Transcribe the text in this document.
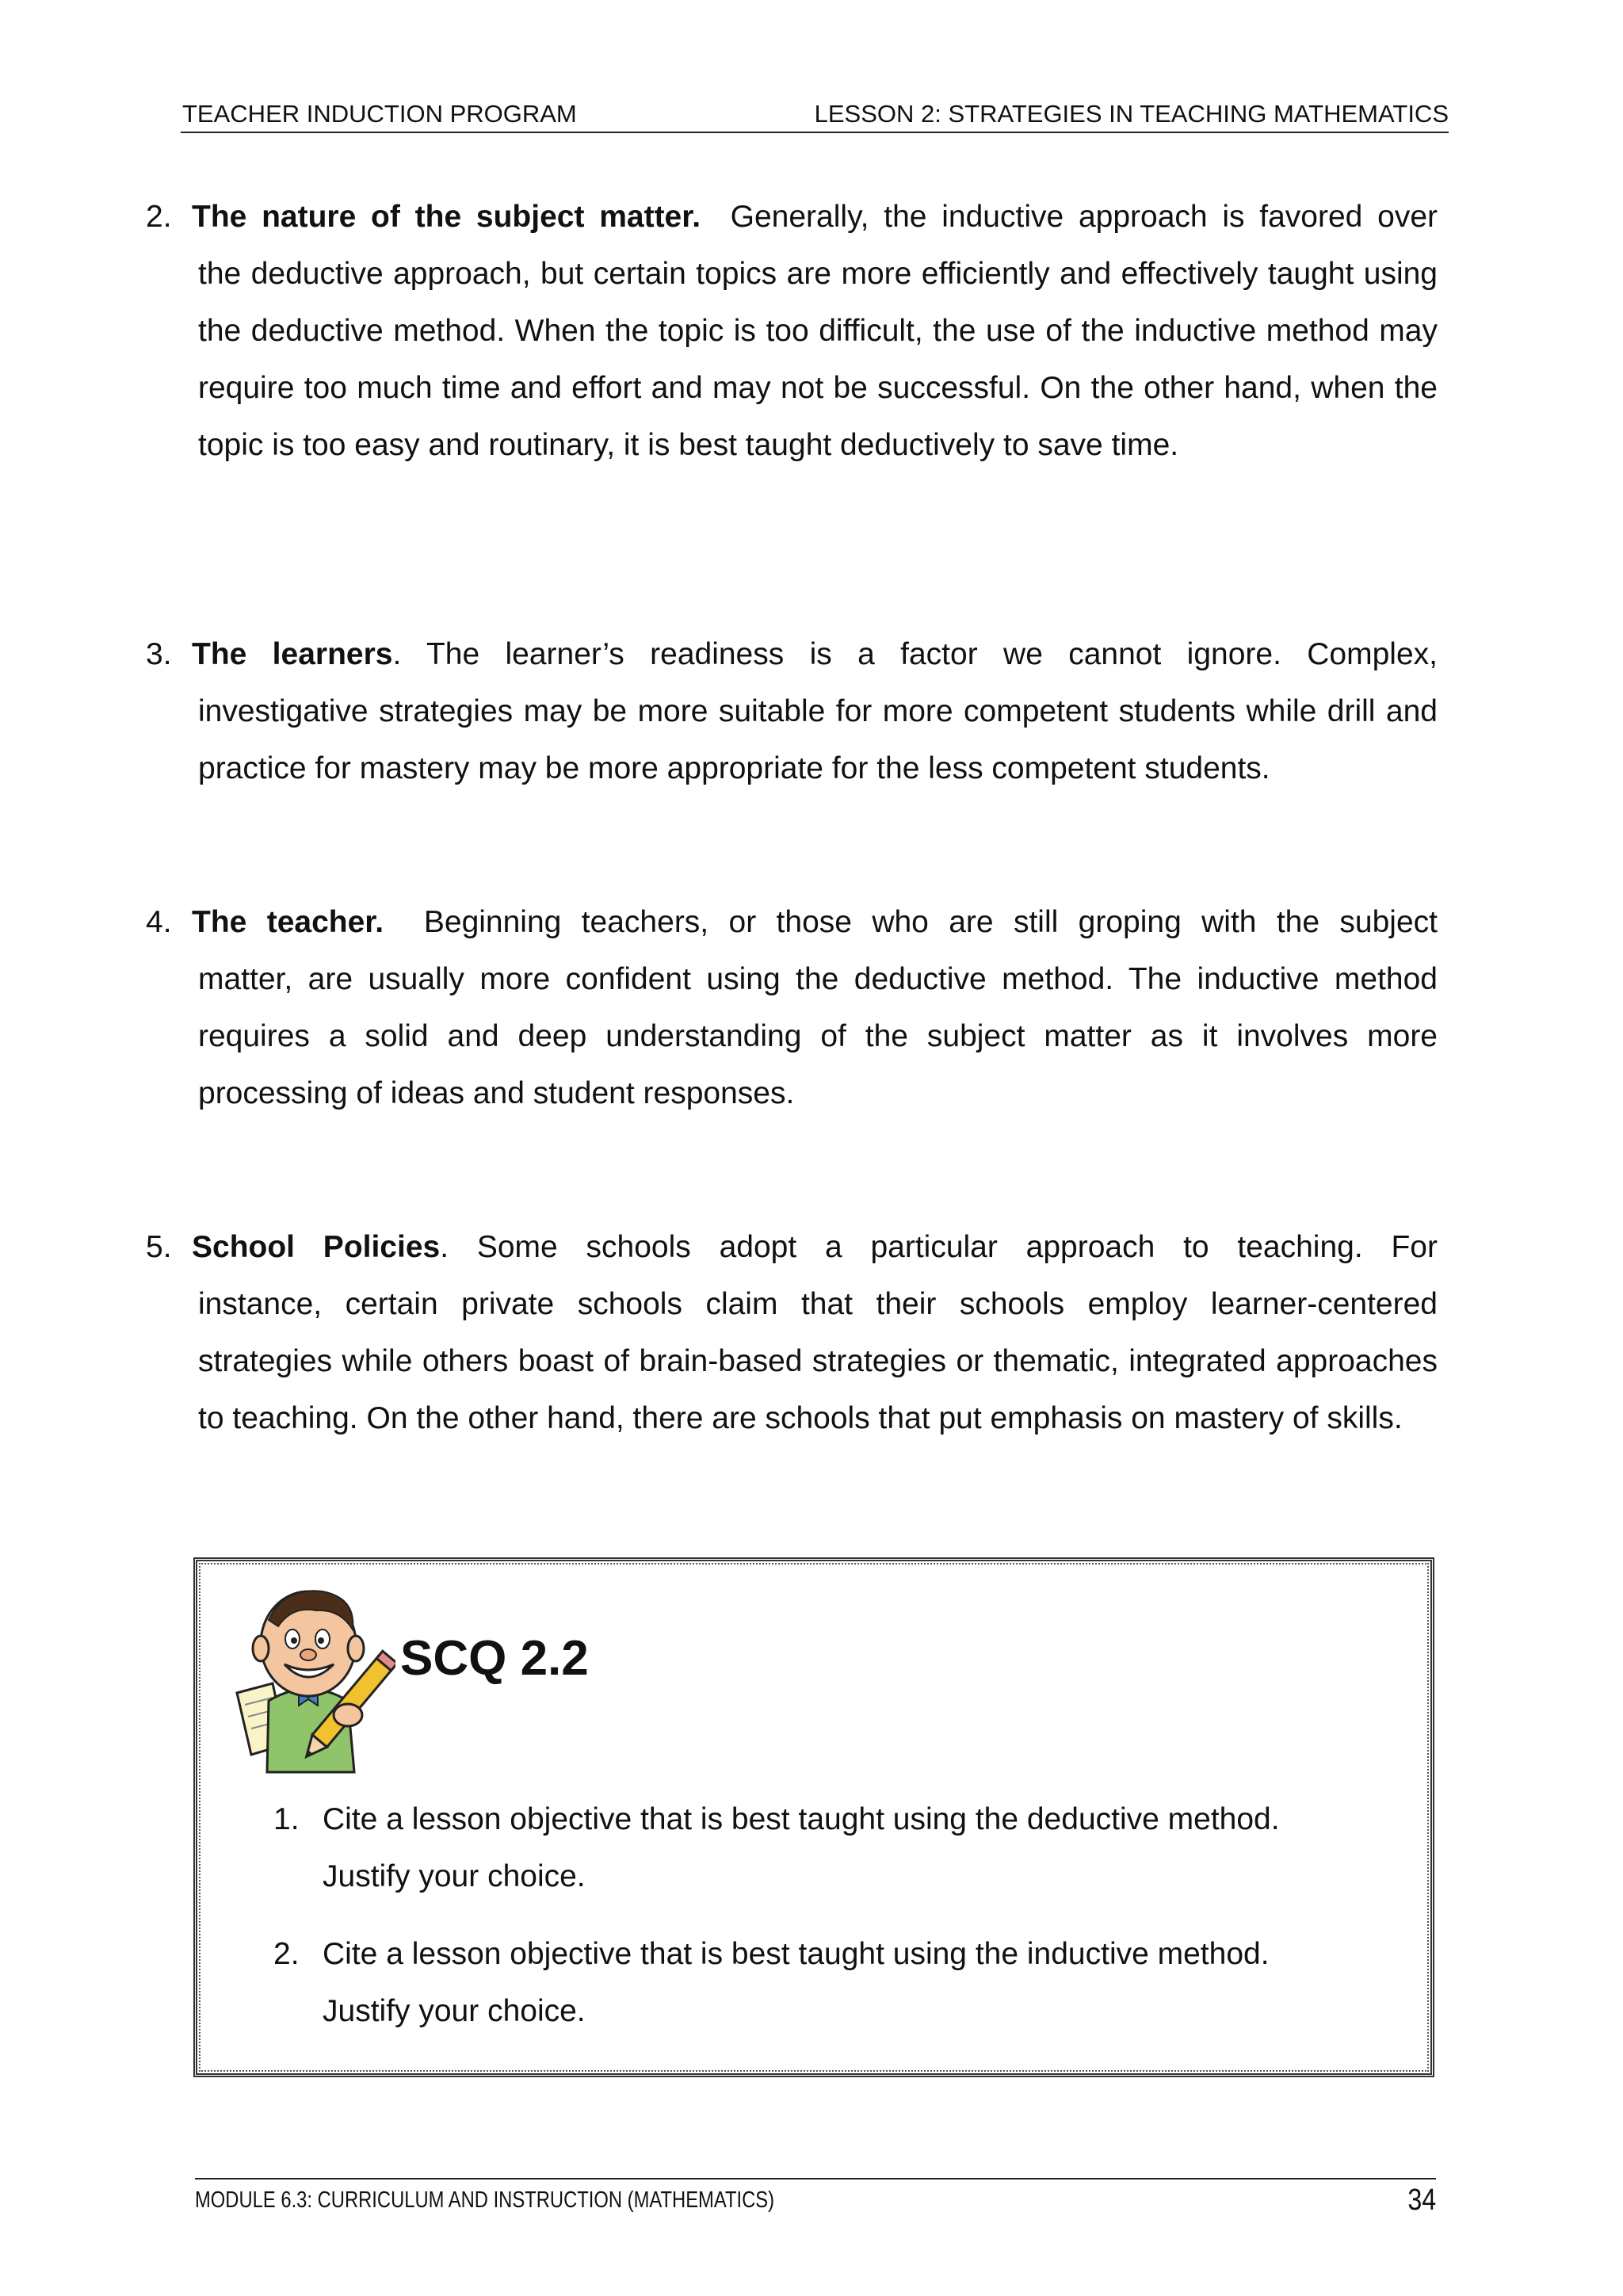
TEACHER INDUCTION PROGRAM	LESSON 2: STRATEGIES IN TEACHING MATHEMATICS
2. The nature of the subject matter. Generally, the inductive approach is favored over
the deductive approach, but certain topics are more efficiently and effectively taught using the deductive method. When the topic is too difficult, the use of the inductive method may require too much time and effort and may not be successful. On the other hand, when the topic is too easy and routinary, it is best taught deductively to save time.
3. The learners. The learner’s readiness is a factor we cannot ignore. Complex,
investigative strategies may be more suitable for more competent students while drill and practice for mastery may be more appropriate for the less competent students.
4. The teacher. Beginning teachers, or those who are still groping with the subject
matter, are usually more confident using the deductive method. The inductive method requires a solid and deep understanding of the subject matter as it involves more processing of ideas and student responses.
5. School Policies. Some schools adopt a particular approach to teaching. For
instance, certain private schools claim that their schools employ learner-centered strategies while others boast of brain-based strategies or thematic, integrated approaches to teaching. On the other hand, there are schools that put emphasis on mastery of skills.
SCQ 2.2
1. Cite a lesson objective that is best taught using the deductive method.
Justify your choice.
2. Cite a lesson objective that is best taught using the inductive method.
Justify your choice.
MODULE 6.3: CURRICULUM AND INSTRUCTION (MATHEMATICS)	34
